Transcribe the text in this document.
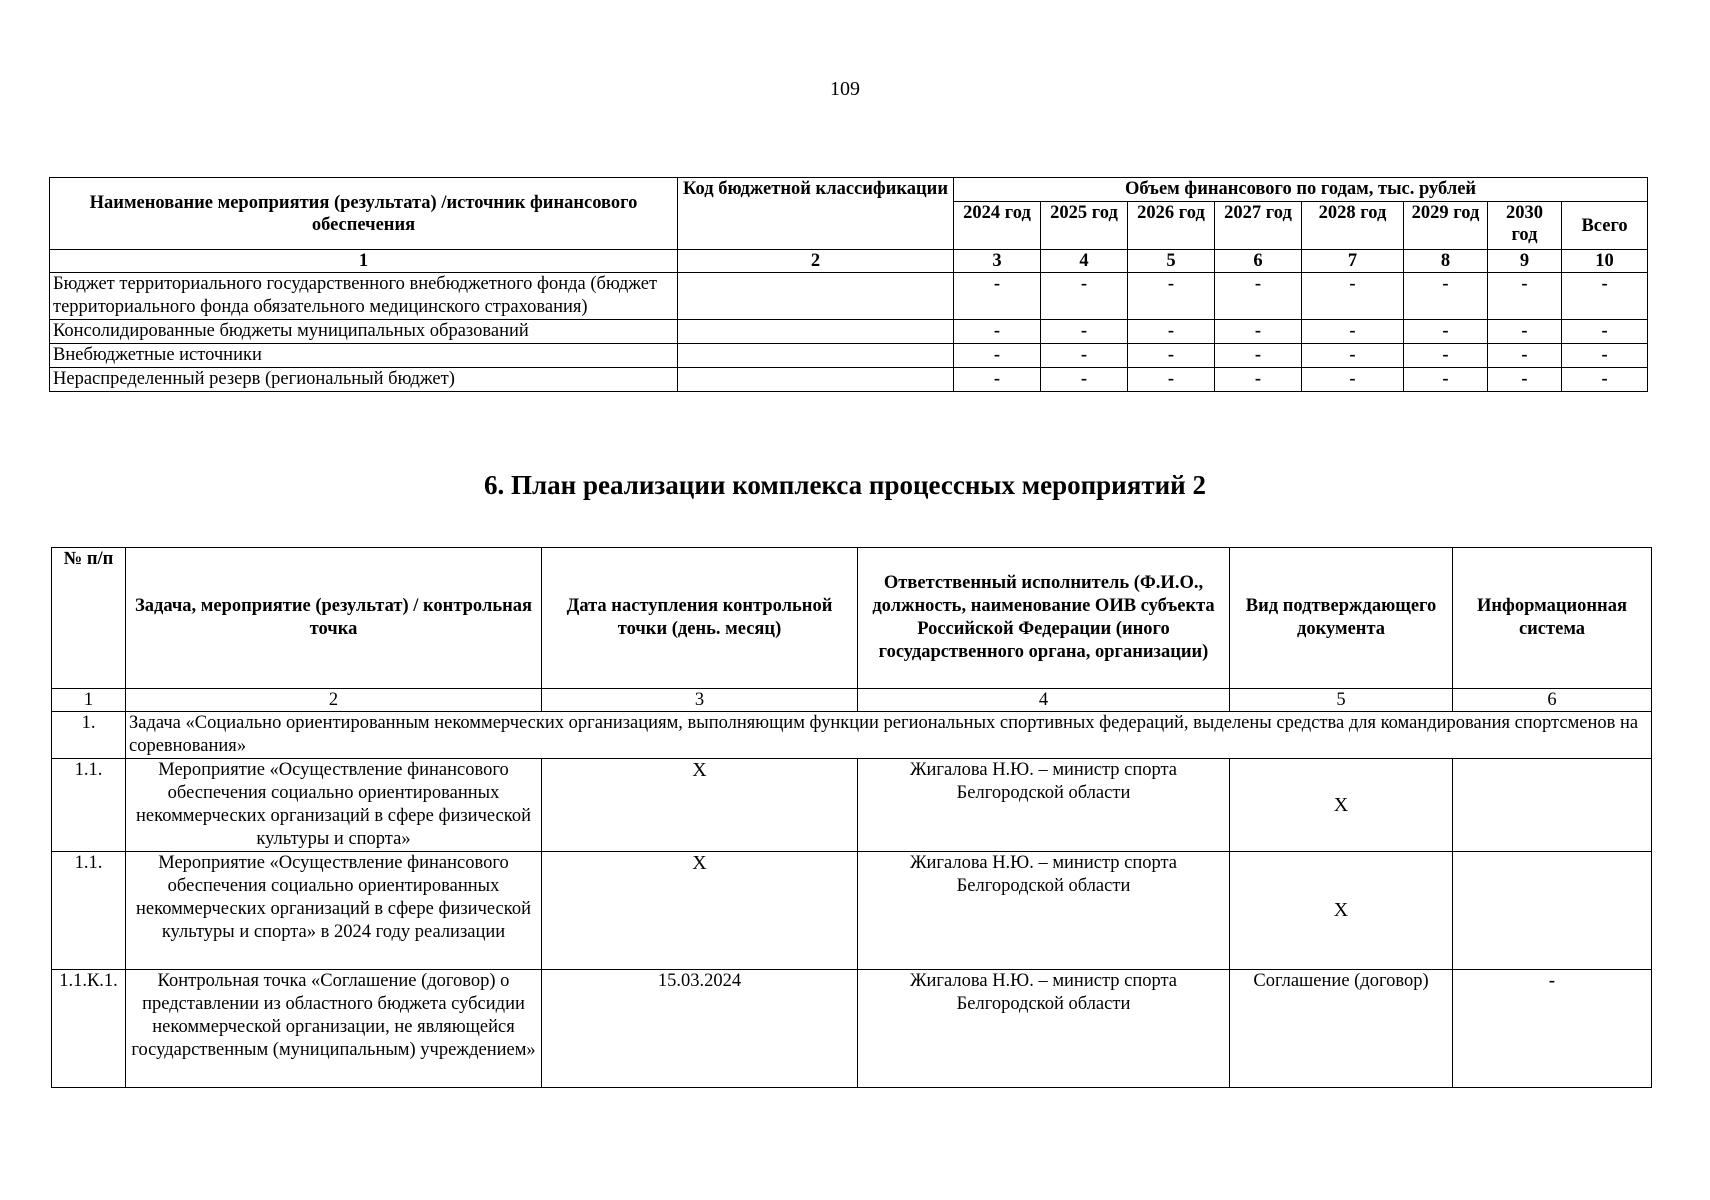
109
Наименование мероприятия (результата) /источник финансового обеспечения	Код бюджетной классификации	Объем финансового по годам, тыс. рублей							
		2024 год	2025 год	2026 год	2027 год	2028 год	2029 год	2030 год	Всего
1	2	3	4	5	6	7	8	9	10
Бюджет территориального государственного внебюджетного фонда (бюджет территориального фонда обязательного медицинского страхования)		-	-	-	-	-	-	-	-
Консолидированные бюджеты муниципальных образований		-	-	-	-	-	-	-	-
Внебюджетные источники		-	-	-	-	-	-	-	-
Нераспределенный резерв (региональный бюджет)		-	-	-	-	-	-	-	-
6. План реализации комплекса процессных мероприятий 2
№ п/п	Задача, мероприятие (результат) / контрольная точка	Дата наступления контрольной точки (день. месяц)	Ответственный исполнитель (Ф.И.О., должность, наименование ОИВ субъекта Российской Федерации (иного государственного органа, организации)	Вид подтверждающего документа	Информационная система
1	2	3	4	5	6
1.	Задача «Социально ориентированным некоммерческих организациям, выполняющим функции региональных спортивных федераций, выделены средства для командирования спортсменов на соревнования»				
1.1.	Мероприятие «Осуществление финансового обеспечения социально ориентированных некоммерческих организаций в сфере физической культуры и спорта»	X	Жигалова Н.Ю. – министр спорта Белгородской области	X	
1.1.	Мероприятие «Осуществление финансового обеспечения социально ориентированных некоммерческих организаций в сфере физической культуры и спорта» в 2024 году реализации	X	Жигалова Н.Ю. – министр спорта Белгородской области	X	
1.1.К.1.	Контрольная точка «Соглашение (договор) о представлении из областного бюджета субсидии некоммерческой организации, не являющейся государственным (муниципальным) учреждением»	15.03.2024	Жигалова Н.Ю. – министр спорта Белгородской области	Соглашение (договор)	-
